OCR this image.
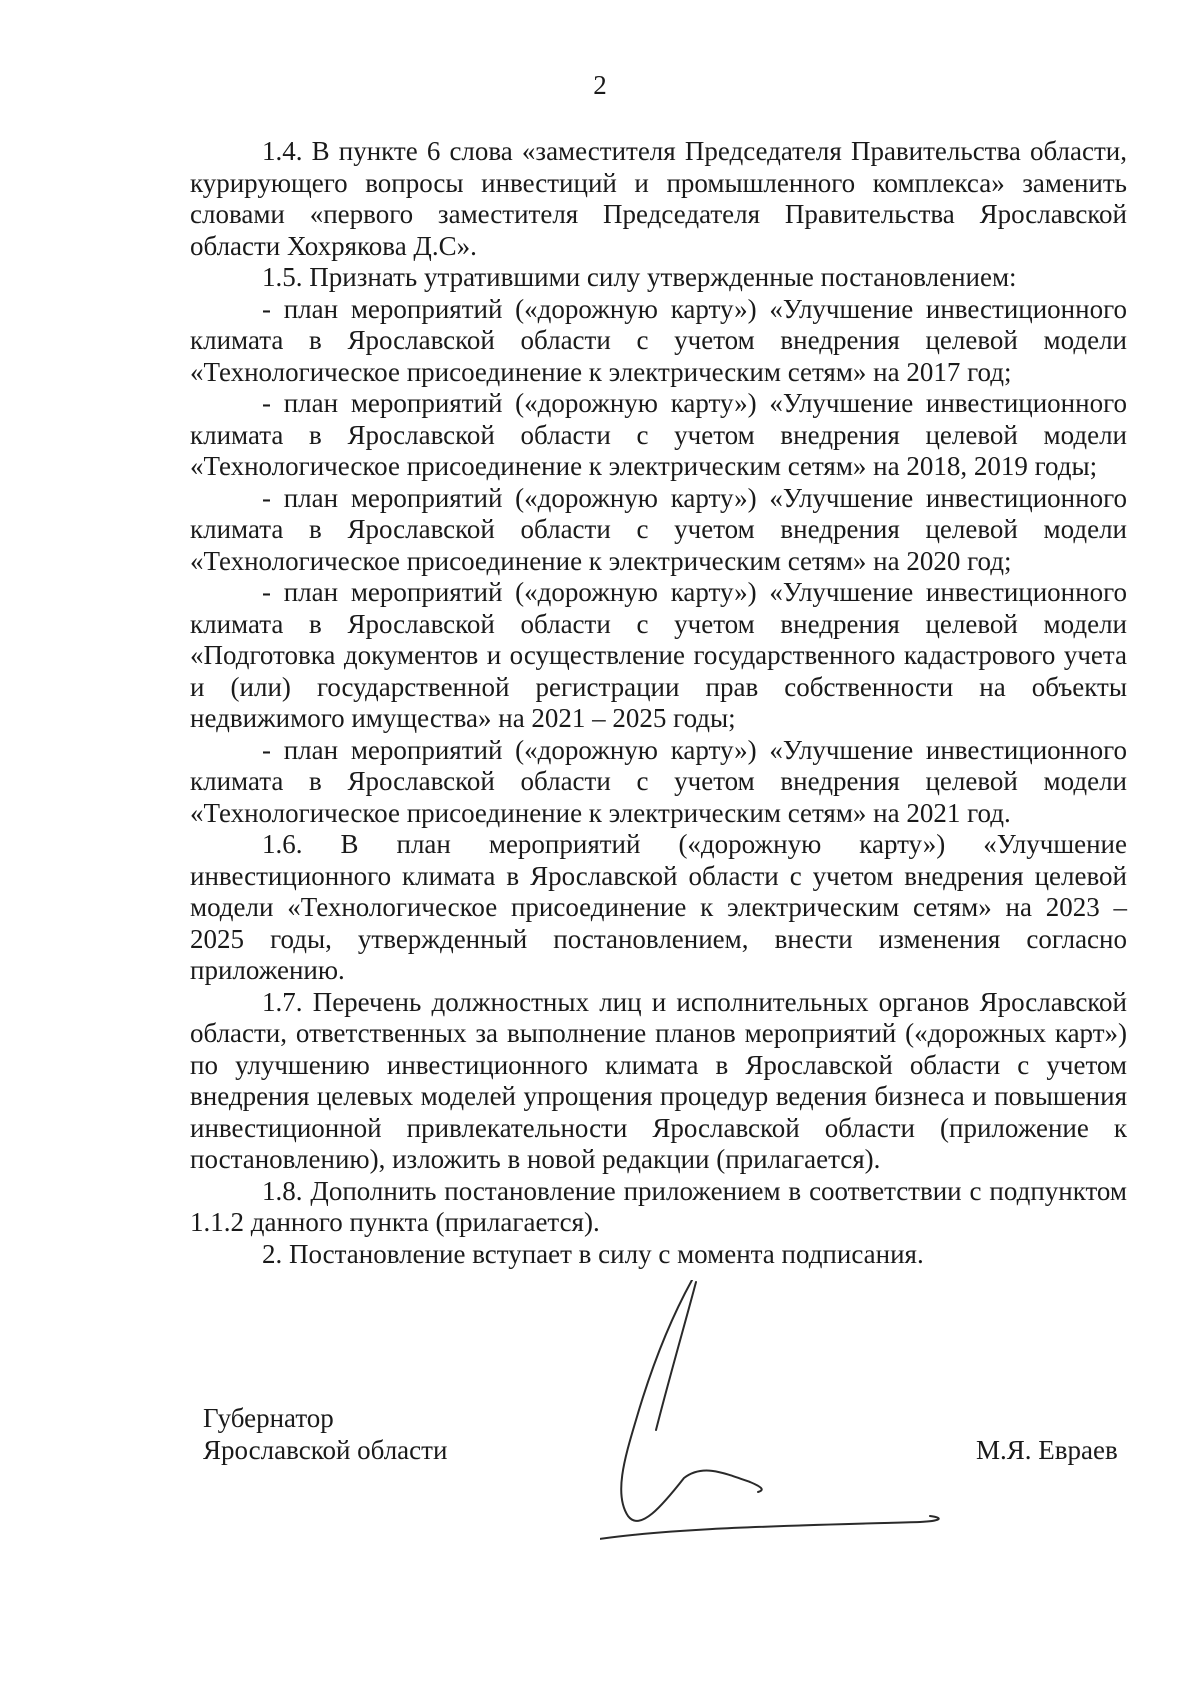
2

1.4. В пункте 6 слова «заместителя Председателя Правительства области, курирующего вопросы инвестиций и промышленного комплекса» заменить словами «первого заместителя Председателя Правительства Ярославской области Хохрякова Д.С».

1.5. Признать утратившими силу утвержденные постановлением:

- план мероприятий («дорожную карту») «Улучшение инвестиционного климата в Ярославской области с учетом внедрения целевой модели «Технологическое присоединение к электрическим сетям» на 2017 год;

- план мероприятий («дорожную карту») «Улучшение инвестиционного климата в Ярославской области с учетом внедрения целевой модели «Технологическое присоединение к электрическим сетям» на 2018, 2019 годы;

- план мероприятий («дорожную карту») «Улучшение инвестиционного климата в Ярославской области с учетом внедрения целевой модели «Технологическое присоединение к электрическим сетям» на 2020 год;

- план мероприятий («дорожную карту») «Улучшение инвестиционного климата в Ярославской области с учетом внедрения целевой модели «Подготовка документов и осуществление государственного кадастрового учета и (или) государственной регистрации прав собственности на объекты недвижимого имущества» на 2021 – 2025 годы;

- план мероприятий («дорожную карту») «Улучшение инвестиционного климата в Ярославской области с учетом внедрения целевой модели «Технологическое присоединение к электрическим сетям» на 2021 год.

1.6. В план мероприятий («дорожную карту») «Улучшение инвестиционного климата в Ярославской области с учетом внедрения целевой модели «Технологическое присоединение к электрическим сетям» на 2023 – 2025 годы, утвержденный постановлением, внести изменения согласно приложению.

1.7. Перечень должностных лиц и исполнительных органов Ярославской области, ответственных за выполнение планов мероприятий («дорожных карт») по улучшению инвестиционного климата в Ярославской области с учетом внедрения целевых моделей упрощения процедур ведения бизнеса и повышения инвестиционной привлекательности Ярославской области (приложение к постановлению), изложить в новой редакции (прилагается).

1.8. Дополнить постановление приложением в соответствии с подпунктом 1.1.2 данного пункта (прилагается).

2. Постановление вступает в силу с момента подписания.

Губернатор
Ярославской области	М.Я. Евраев
